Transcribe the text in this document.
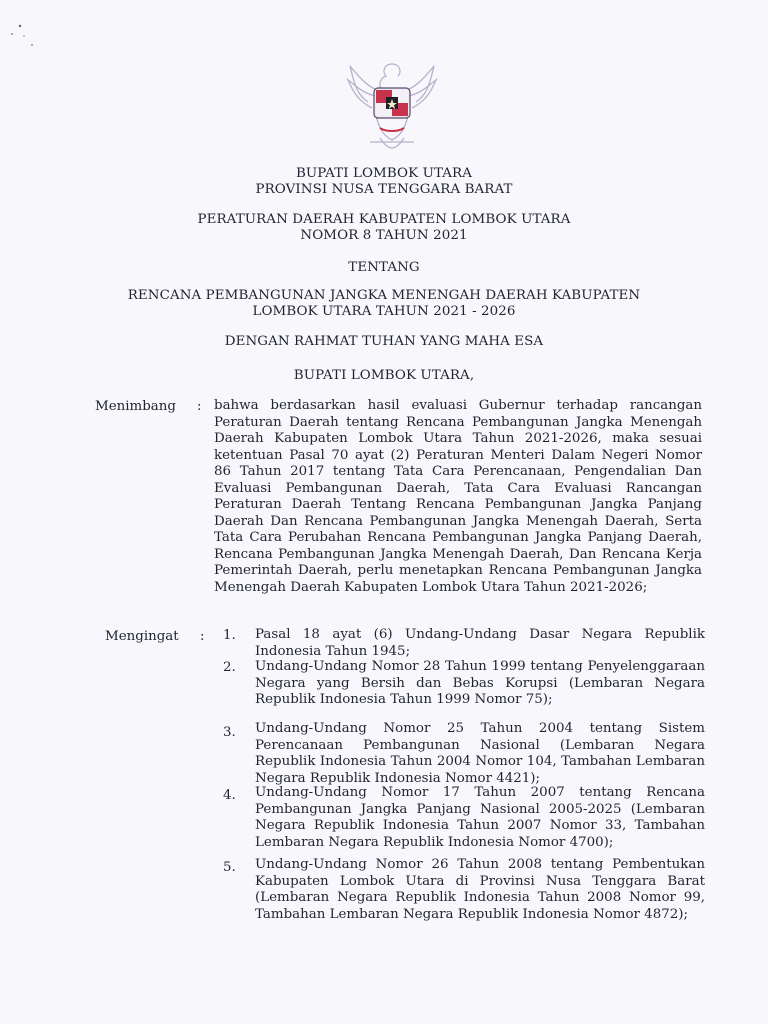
BUPATI LOMBOK UTARA
PROVINSI NUSA TENGGARA BARAT
PERATURAN DAERAH KABUPATEN LOMBOK UTARA
NOMOR 8 TAHUN 2021
TENTANG
RENCANA PEMBANGUNAN JANGKA MENENGAH DAERAH KABUPATEN
LOMBOK UTARA TAHUN 2021 - 2026
DENGAN RAHMAT TUHAN YANG MAHA ESA
BUPATI LOMBOK UTARA,
Menimbang : bahwa berdasarkan hasil evaluasi Gubernur terhadap rancangan Peraturan Daerah tentang Rencana Pembangunan Jangka Menengah Daerah Kabupaten Lombok Utara Tahun 2021-2026, maka sesuai ketentuan Pasal 70 ayat (2) Peraturan Menteri Dalam Negeri Nomor 86 Tahun 2017 tentang Tata Cara Perencanaan, Pengendalian Dan Evaluasi Pembangunan Daerah, Tata Cara Evaluasi Rancangan Peraturan Daerah Tentang Rencana Pembangunan Jangka Panjang Daerah Dan Rencana Pembangunan Jangka Menengah Daerah, Serta Tata Cara Perubahan Rencana Pembangunan Jangka Panjang Daerah, Rencana Pembangunan Jangka Menengah Daerah, Dan Rencana Kerja Pemerintah Daerah, perlu menetapkan Rencana Pembangunan Jangka Menengah Daerah Kabupaten Lombok Utara Tahun 2021-2026;
Mengingat : 1. Pasal 18 ayat (6) Undang-Undang Dasar Negara Republik Indonesia Tahun 1945;
2. Undang-Undang Nomor 28 Tahun 1999 tentang Penyelenggaraan Negara yang Bersih dan Bebas Korupsi (Lembaran Negara Republik Indonesia Tahun 1999 Nomor 75);
3. Undang-Undang Nomor 25 Tahun 2004 tentang Sistem Perencanaan Pembangunan Nasional (Lembaran Negara Republik Indonesia Tahun 2004 Nomor 104, Tambahan Lembaran Negara Republik Indonesia Nomor 4421);
4. Undang-Undang Nomor 17 Tahun 2007 tentang Rencana Pembangunan Jangka Panjang Nasional 2005-2025 (Lembaran Negara Republik Indonesia Tahun 2007 Nomor 33, Tambahan Lembaran Negara Republik Indonesia Nomor 4700);
5. Undang-Undang Nomor 26 Tahun 2008 tentang Pembentukan Kabupaten Lombok Utara di Provinsi Nusa Tenggara Barat (Lembaran Negara Republik Indonesia Tahun 2008 Nomor 99, Tambahan Lembaran Negara Republik Indonesia Nomor 4872);
